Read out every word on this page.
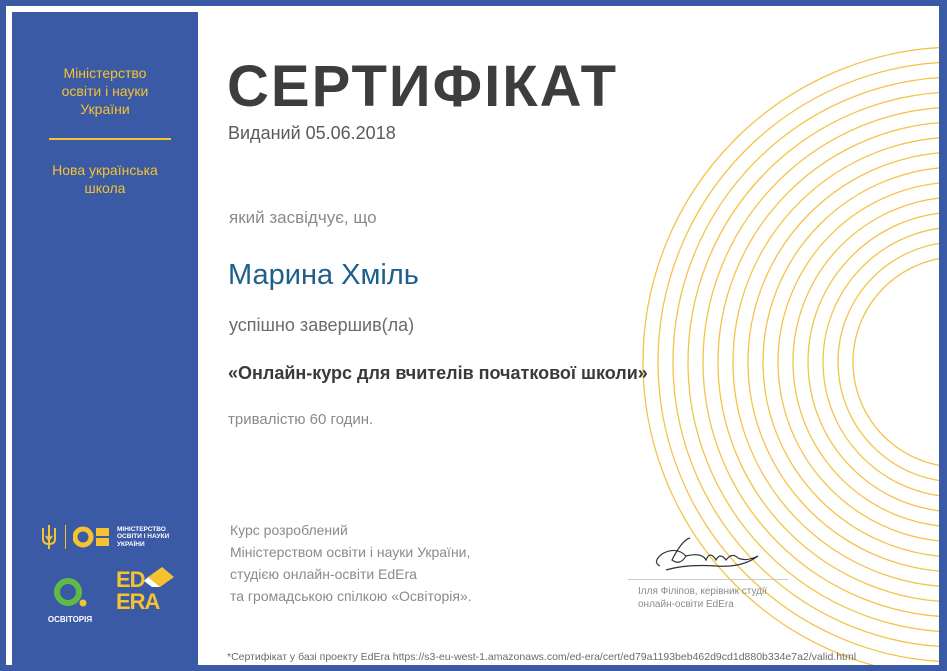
Міністерство
освіти і науки
України
Нова українська
школа
МІНІСТЕРСТВО
ОСВІТИ І НАУКИ
УКРАЇНИ
ОСВІТОРІЯ
ED
ERA
СЕРТИФІКАТ
Виданий 05.06.2018
який засвідчує, що
Марина Хміль
успішно завершив(ла)
«Онлайн-курс для вчителів початкової школи»
тривалістю 60 годин.
Курс розроблений
Міністерством освіти і науки України,
студією онлайн-освіти EdEra
та громадською спілкою «Освіторія».	Ілля Філіпов, керівник студії
онлайн-освіти EdEra
*Сертифікат у базі проекту EdEra https://s3-eu-west-1.amazonaws.com/ed-era/cert/ed79a1193beb462d9cd1d880b334e7a2/valid.html
